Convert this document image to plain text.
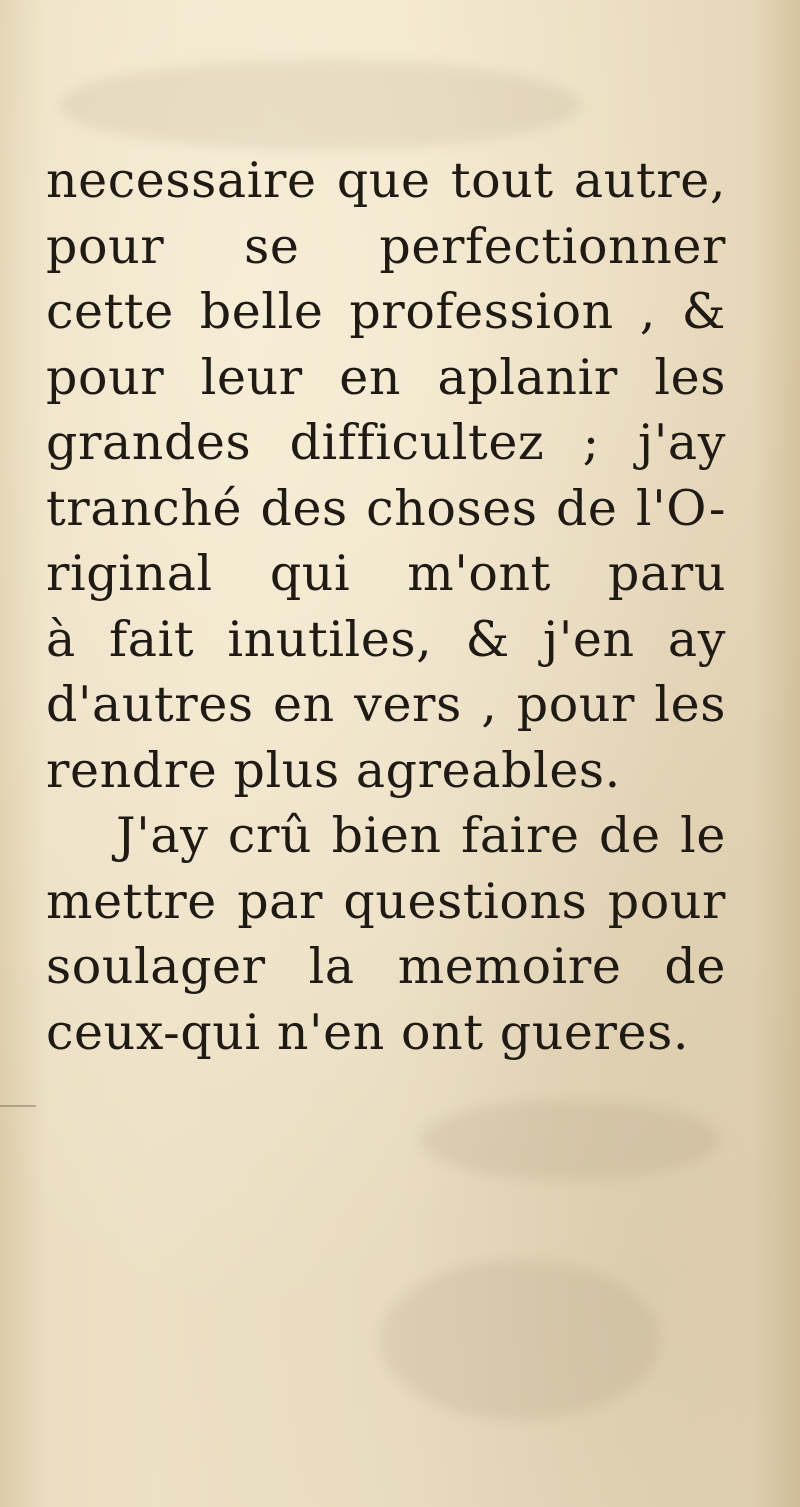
necessaire que tout autre,
pour se perfectionner
cette belle profession , &
pour leur en aplanir les
grandes difficultez ; j'ay
tranché des choses de l'O-
riginal qui m'ont paru
à fait inutiles, & j'en ay
d'autres en vers , pour les
rendre plus agreables.
J'ay crû bien faire de le
mettre par questions pour
soulager la memoire de
ceux-qui n'en ont gueres.
